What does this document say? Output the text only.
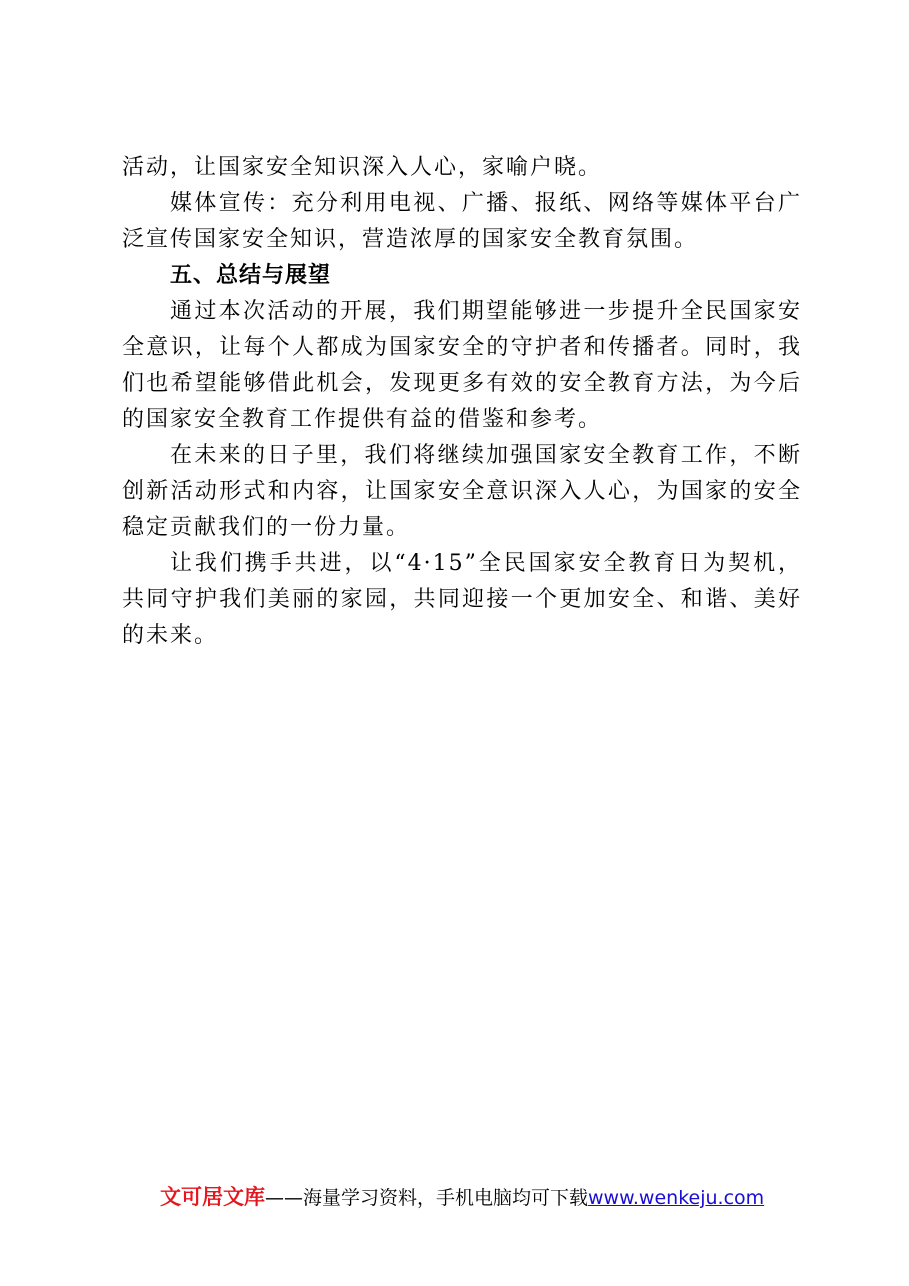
活动，让国家安全知识深入人心，家喻户晓。

媒体宣传：充分利用电视、广播、报纸、网络等媒体平台广泛宣传国家安全知识，营造浓厚的国家安全教育氛围。

五、总结与展望

通过本次活动的开展，我们期望能够进一步提升全民国家安全意识，让每个人都成为国家安全的守护者和传播者。同时，我们也希望能够借此机会，发现更多有效的安全教育方法，为今后的国家安全教育工作提供有益的借鉴和参考。

在未来的日子里，我们将继续加强国家安全教育工作，不断创新活动形式和内容，让国家安全意识深入人心，为国家的安全稳定贡献我们的一份力量。

让我们携手共进，以“4·15”全民国家安全教育日为契机，共同守护我们美丽的家园，共同迎接一个更加安全、和谐、美好的未来。

文可居文库——海量学习资料，手机电脑均可下载www.wenkeju.com
